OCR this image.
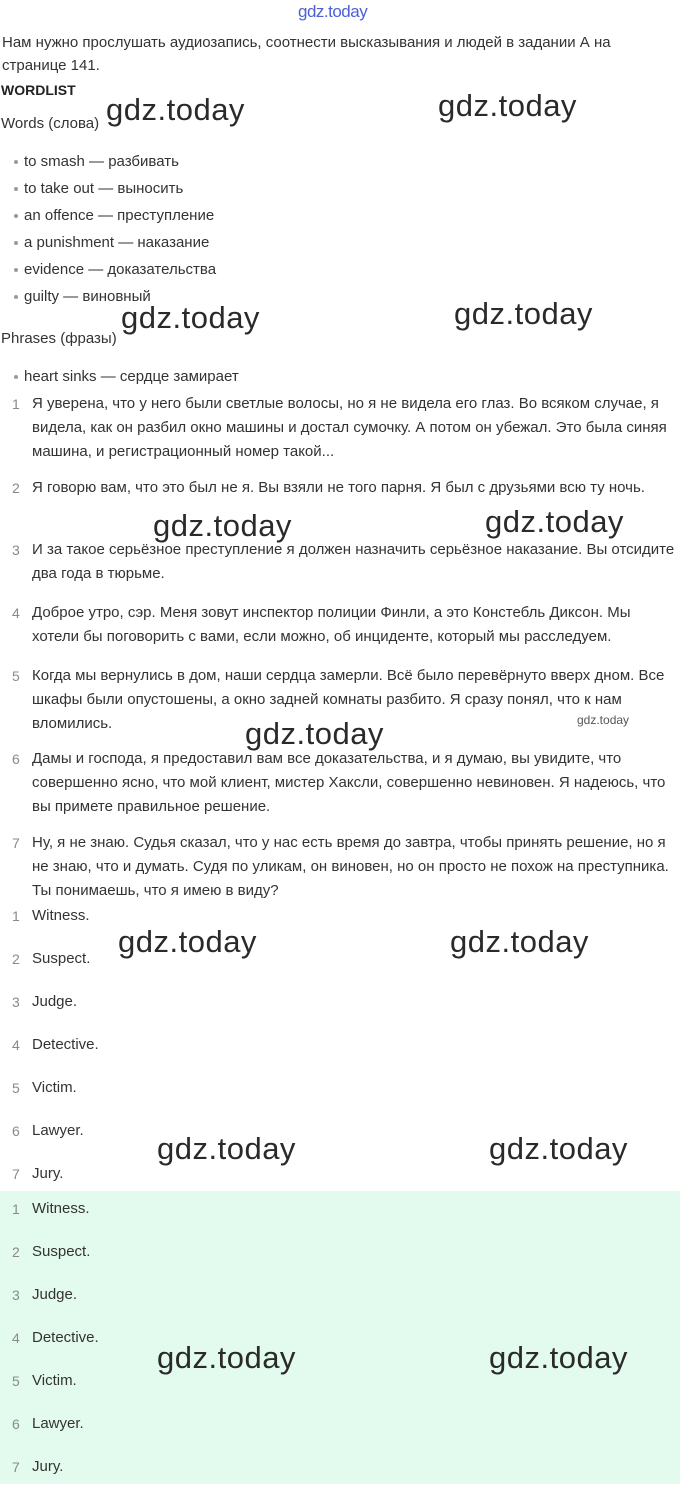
gdz.today
Нам нужно прослушать аудиозапись, соотнести высказывания и людей в задании А на странице 141.
WORDLIST
Words (слова)
to smash — разбивать
to take out — выносить
an offence — преступление
a punishment — наказание
evidence — доказательства
guilty — виновный
Phrases (фразы)
heart sinks — сердце замирает
1 Я уверена, что у него были светлые волосы, но я не видела его глаз. Во всяком случае, я видела, как он разбил окно машины и достал сумочку. А потом он убежал. Это была синяя машина, и регистрационный номер такой...
2 Я говорю вам, что это был не я. Вы взяли не того парня. Я был с друзьями всю ту ночь.
3 И за такое серьёзное преступление я должен назначить серьёзное наказание. Вы отсидите два года в тюрьме.
4 Доброе утро, сэр. Меня зовут инспектор полиции Финли, а это Констебль Диксон. Мы хотели бы поговорить с вами, если можно, об инциденте, который мы расследуем.
5 Когда мы вернулись в дом, наши сердца замерли. Всё было перевёрнуто вверх дном. Все шкафы были опустошены, а окно задней комнаты разбито. Я сразу понял, что к нам вломились.
6 Дамы и господа, я предоставил вам все доказательства, и я думаю, вы увидите, что совершенно ясно, что мой клиент, мистер Хаксли, совершенно невиновен. Я надеюсь, что вы примете правильное решение.
7 Ну, я не знаю. Судья сказал, что у нас есть время до завтра, чтобы принять решение, но я не знаю, что и думать. Судя по уликам, он виновен, но он просто не похож на преступника. Ты понимаешь, что я имею в виду?
1 Witness.
2 Suspect.
3 Judge.
4 Detective.
5 Victim.
6 Lawyer.
7 Jury.
1 Witness.
2 Suspect.
3 Judge.
4 Detective.
5 Victim.
6 Lawyer.
7 Jury.
gdz.today	gdz.today
gdz.today	gdz.today
gdz.today	gdz.today
gdz.today
gdz.today
gdz.today	gdz.today
gdz.today	gdz.today
gdz.today	gdz.today
